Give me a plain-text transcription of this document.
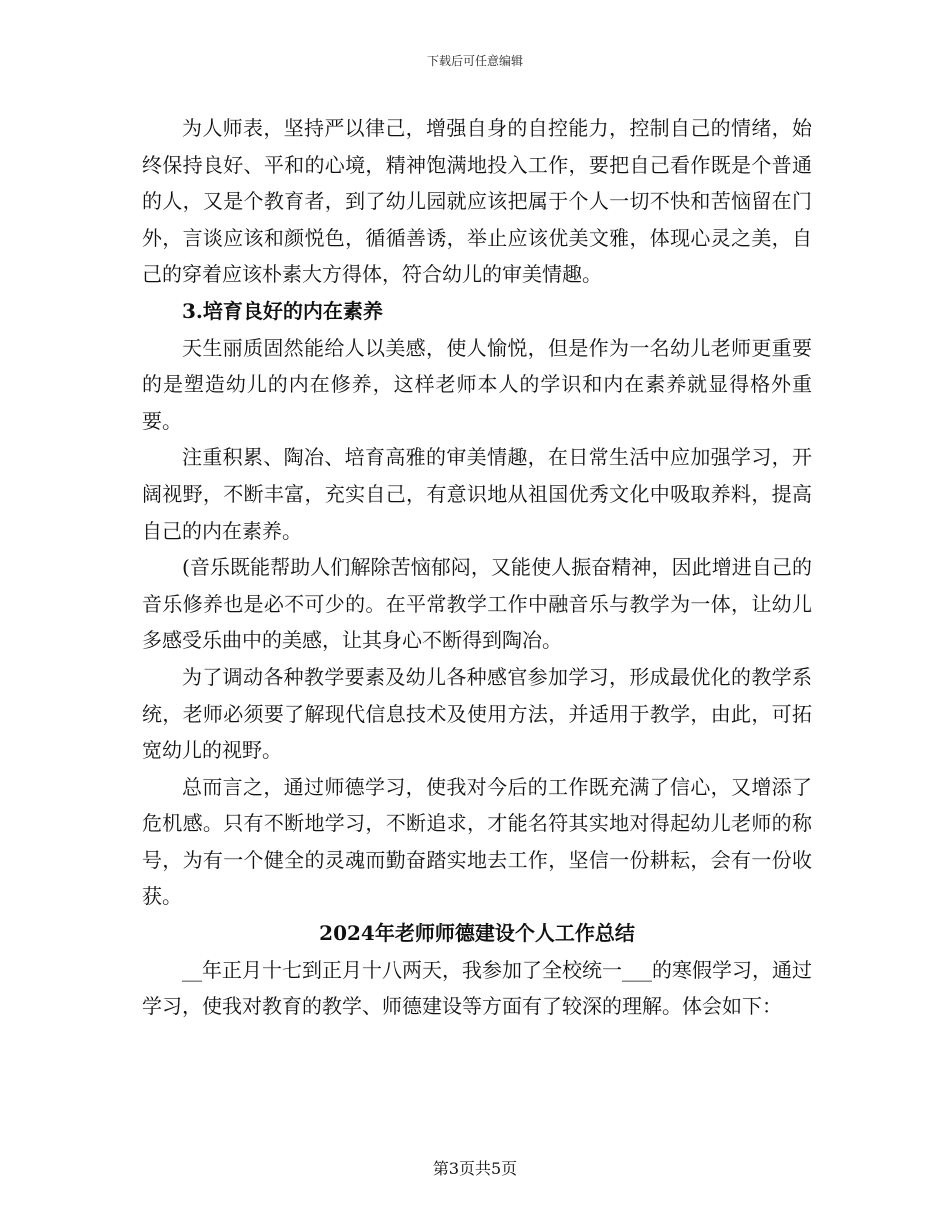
下载后可任意编辑

为人师表，坚持严以律己，增强自身的自控能力，控制自己的情绪，始终保持良好、平和的心境，精神饱满地投入工作，要把自己看作既是个普通的人，又是个教育者，到了幼儿园就应该把属于个人一切不快和苦恼留在门外，言谈应该和颜悦色，循循善诱，举止应该优美文雅，体现心灵之美，自己的穿着应该朴素大方得体，符合幼儿的审美情趣。

3.培育良好的内在素养

天生丽质固然能给人以美感，使人愉悦，但是作为一名幼儿老师更重要的是塑造幼儿的内在修养，这样老师本人的学识和内在素养就显得格外重要。

注重积累、陶冶、培育高雅的审美情趣，在日常生活中应加强学习，开阔视野，不断丰富，充实自己，有意识地从祖国优秀文化中吸取养料，提高自己的内在素养。

(音乐既能帮助人们解除苦恼郁闷，又能使人振奋精神，因此增进自己的音乐修养也是必不可少的。在平常教学工作中融音乐与教学为一体，让幼儿多感受乐曲中的美感，让其身心不断得到陶冶。

为了调动各种教学要素及幼儿各种感官参加学习，形成最优化的教学系统，老师必须要了解现代信息技术及使用方法，并适用于教学，由此，可拓宽幼儿的视野。

总而言之，通过师德学习，使我对今后的工作既充满了信心，又增添了危机感。只有不断地学习，不断追求，才能名符其实地对得起幼儿老师的称号，为有一个健全的灵魂而勤奋踏实地去工作，坚信一份耕耘，会有一份收获。

2024年老师师德建设个人工作总结

__年正月十七到正月十八两天，我参加了全校统一___的寒假学习，通过学习，使我对教育的教学、师德建设等方面有了较深的理解。体会如下：

第3页共5页
